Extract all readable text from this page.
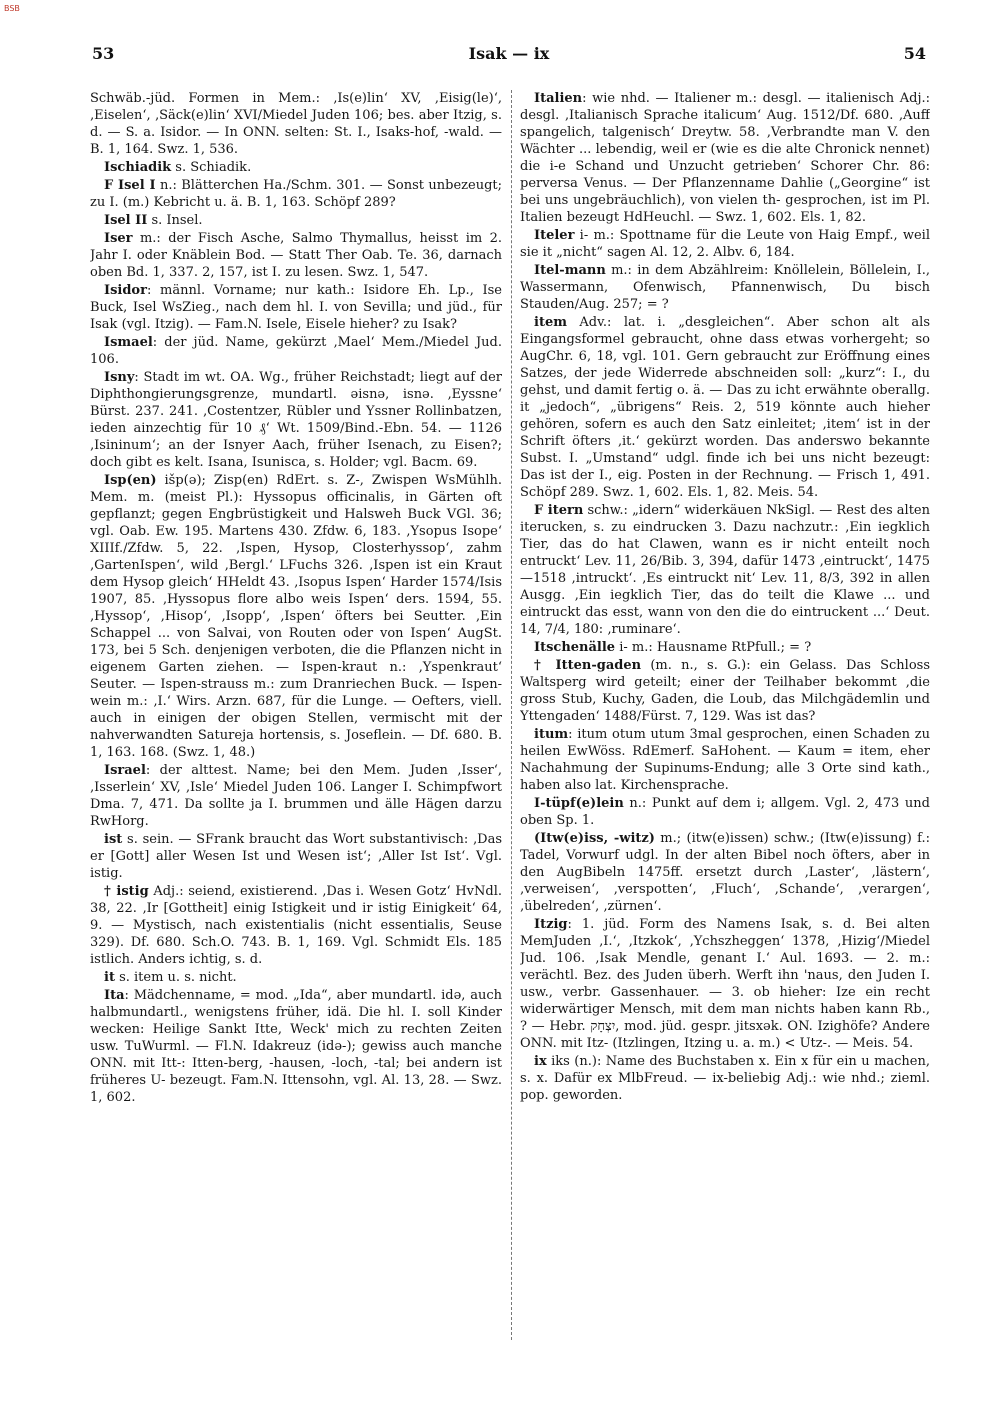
BSB
53	Isak — ix	54

Schwäb.-jüd. Formen in Mem.: ‚Is(e)lin‘ XV, ‚Eisig(le)‘, ‚Eiselen‘, ‚Säck(e)lin‘ XVI/Miedel Juden 106; bes. aber Itzig, s. d. — S. a. Isidor. — In ONN. selten: St. I., Isaks-hof, -wald. — B. 1, 164. Swz. 1, 536.

Ischiadik s. Schiadik.

F Isel I n.: Blätterchen Ha./Schm. 301. — Sonst unbezeugt; zu I. (m.) Kebricht u. ä. B. 1, 163. Schöpf 289?

Isel II s. Insel.

Iser m.: der Fisch Asche, Salmo Thymallus, heisst im 2. Jahr I. oder Knäblein Bod. — Statt Ther Oab. Te. 36, darnach oben Bd. 1, 337. 2, 157, ist I. zu lesen. Swz. 1, 547.

Isidor: männl. Vorname; nur kath.: Isidore Eh. Lp., Ise Buck, Isel WsZieg., nach dem hl. I. von Sevilla; und jüd., für Isak (vgl. Itzig). — Fam.N. Isele, Eisele hieher? zu Isak?

Ismael: der jüd. Name, gekürzt ‚Mael‘ Mem./Miedel Jud. 106.

Isny: Stadt im wt. OA. Wg., früher Reichstadt; liegt auf der Diphthongierungsgrenze, mundartl. əisnə, isnə. ‚Eyssne‘ Bürst. 237. 241. ‚Costentzer, Rübler und Yssner Rollinbatzen, ieden ainzechtig für 10 ₰‘ Wt. 1509/Bind.-Ebn. 54. — 1126 ‚Isininum‘; an der Isnyer Aach, früher Isenach, zu Eisen?; doch gibt es kelt. Isana, Isunisca, s. Holder; vgl. Bacm. 69.

Isp(en) išp(ə); Zisp(en) RdErt. s. Z-, Zwispen WsMühlh. Mem. m. (meist Pl.): Hyssopus officinalis, in Gärten oft gepflanzt; gegen Engbrüstigkeit und Halsweh Buck VGl. 36; vgl. Oab. Ew. 195. Martens 430. Zfdw. 6, 183. ‚Ysopus Isope‘ XIIIf./Zfdw. 5, 22. ‚Ispen, Hysop, Closterhyssop‘, zahm ‚GartenIspen‘, wild ‚Bergl.‘ LFuchs 326. ‚Ispen ist ein Kraut dem Hysop gleich‘ HHeldt 43. ‚Isopus Ispen‘ Harder 1574/Isis 1907, 85. ‚Hyssopus flore albo weis Ispen‘ ders. 1594, 55. ‚Hyssop‘, ‚Hisop‘, ‚Isopp‘, ‚Ispen‘ öfters bei Seutter. ‚Ein Schappel ... von Salvai, von Routen oder von Ispen‘ AugSt. 173, bei 5 Sch. denjenigen verboten, die die Pflanzen nicht in eigenem Garten ziehen. — Ispen-kraut n.: ‚Yspenkraut‘ Seuter. — Ispen-strauss m.: zum Dranriechen Buck. — Ispen-wein m.: ‚I.‘ Wirs. Arzn. 687, für die Lunge. — Oefters, viell. auch in einigen der obigen Stellen, vermischt mit der nahverwandten Satureja hortensis, s. Joseflein. — Df. 680. B. 1, 163. 168. (Swz. 1, 48.)

Israel: der alttest. Name; bei den Mem. Juden ‚Isser‘, ‚Isserlein‘ XV, ‚Isle‘ Miedel Juden 106. Langer I. Schimpfwort Dma. 7, 471. Da sollte ja I. brummen und älle Hägen darzu RwHorg.

ist s. sein. — SFrank braucht das Wort substantivisch: ‚Das er [Gott] aller Wesen Ist und Wesen ist‘; ‚Aller Ist Ist‘. Vgl. istig.

† istig Adj.: seiend, existierend. ‚Das i. Wesen Gotz‘ HvNdl. 38, 22. ‚Ir [Gottheit] einig Istigkeit und ir istig Einigkeit‘ 64, 9. — Mystisch, nach existentialis (nicht essentialis, Seuse 329). Df. 680. Sch.O. 743. B. 1, 169. Vgl. Schmidt Els. 185 istlich. Anders ichtig, s. d.

it s. item u. s. nicht.

Ita: Mädchenname, = mod. „Ida“, aber mundartl. idə, auch halbmundartl., wenigstens früher, idä. Die hl. I. soll Kinder wecken: Heilige Sankt Itte, Weck' mich zu rechten Zeiten usw. TuWurml. — Fl.N. Idakreuz (idə-); gewiss auch manche ONN. mit Itt-: Itten-berg, -hausen, -loch, -tal; bei andern ist früheres U- bezeugt. Fam.N. Ittensohn, vgl. Al. 13, 28. — Swz. 1, 602.

Italien: wie nhd. — Italiener m.: desgl. — italienisch Adj.: desgl. ‚Italianisch Sprache italicum‘ Aug. 1512/Df. 680. ‚Auff spangelich, talgenisch‘ Dreytw. 58. ‚Verbrandte man V. den Wächter ... lebendig, weil er (wie es die alte Chronick nennet) die i-e Schand und Unzucht getrieben‘ Schorer Chr. 86: perversa Venus. — Der Pflanzenname Dahlie („Georgine“ ist bei uns ungebräuchlich), von vielen th- gesprochen, ist im Pl. Italien bezeugt HdHeuchl. — Swz. 1, 602. Els. 1, 82.

Iteler i- m.: Spottname für die Leute von Haig Empf., weil sie it „nicht“ sagen Al. 12, 2. Albv. 6, 184.

Itel-mann m.: in dem Abzählreim: Knöllelein, Böllelein, I., Wassermann, Ofenwisch, Pfannenwisch, Du bisch Stauden/Aug. 257; = ?

item Adv.: lat. i. „desgleichen“. Aber schon alt als Eingangsformel gebraucht, ohne dass etwas vorhergeht; so AugChr. 6, 18, vgl. 101. Gern gebraucht zur Eröffnung eines Satzes, der jede Widerrede abschneiden soll: „kurz“: I., du gehst, und damit fertig o. ä. — Das zu icht erwähnte oberallg. it „jedoch“, „übrigens“ Reis. 2, 519 könnte auch hieher gehören, sofern es auch den Satz einleitet; ‚item‘ ist in der Schrift öfters ‚it.‘ gekürzt worden. Das anderswo bekannte Subst. I. „Umstand“ udgl. finde ich bei uns nicht bezeugt: Das ist der I., eig. Posten in der Rechnung. — Frisch 1, 491. Schöpf 289. Swz. 1, 602. Els. 1, 82. Meis. 54.

F itern schw.: „idern“ widerkäuen NkSigl. — Rest des alten iterucken, s. zu eindrucken 3. Dazu nachzutr.: ‚Ein iegklich Tier, das do hat Clawen, wann es ir nicht enteilt noch entruckt‘ Lev. 11, 26/Bib. 3, 394, dafür 1473 ‚eintruckt‘, 1475—1518 ‚intruckt‘. ‚Es eintruckt nit‘ Lev. 11, 8/3, 392 in allen Ausgg. ‚Ein iegklich Tier, das do teilt die Klawe ... und eintruckt das esst, wann von den die do eintruckent ...‘ Deut. 14, 7/4, 180: ‚ruminare‘.

Itschenälle i- m.: Hausname RtPfull.; = ?

† Itten-gaden (m. n., s. G.): ein Gelass. Das Schloss Waltsperg wird geteilt; einer der Teilhaber bekommt ‚die gross Stub, Kuchy, Gaden, die Loub, das Milchgädemlin und Yttengaden‘ 1488/Fürst. 7, 129. Was ist das?

itum: itum otum utum 3mal gesprochen, einen Schaden zu heilen EwWöss. RdEmerf. SaHohent. — Kaum = item, eher Nachahmung der Supinums-Endung; alle 3 Orte sind kath., haben also lat. Kirchensprache.

I-tüpf(e)lein n.: Punkt auf dem i; allgem. Vgl. 2, 473 und oben Sp. 1.

(Itw(e)iss, -witz) m.; (itw(e)issen) schw.; (Itw(e)issung) f.: Tadel, Vorwurf udgl. In der alten Bibel noch öfters, aber in den AugBibeln 1475ff. ersetzt durch ‚Laster‘, ‚lästern‘, ‚verweisen‘, ‚verspotten‘, ‚Fluch‘, ‚Schande‘, ‚verargen‘, ‚übelreden‘, ‚zürnen‘.

Itzig: 1. jüd. Form des Namens Isak, s. d. Bei alten MemJuden ‚I.‘, ‚Itzkok‘, ‚Ychszheggen‘ 1378, ‚Hizig‘/Miedel Jud. 106. ‚Isak Mendle, genant I.‘ Aul. 1693. — 2. m.: verächtl. Bez. des Juden überh. Werft ihn 'naus, den Juden I. usw., verbr. Gassenhauer. — 3. ob hieher: Ize ein recht widerwärtiger Mensch, mit dem man nichts haben kann Rb., ? — Hebr. יִצְחָק, mod. jüd. gespr. jitsxək. ON. Izighöfe? Andere ONN. mit Itz- (Itzlingen, Itzing u. a. m.) < Utz-. — Meis. 54.

ix iks (n.): Name des Buchstaben x. Ein x für ein u machen, s. x. Dafür ex MlbFreud. — ix-beliebig Adj.: wie nhd.; zieml. pop. geworden.
